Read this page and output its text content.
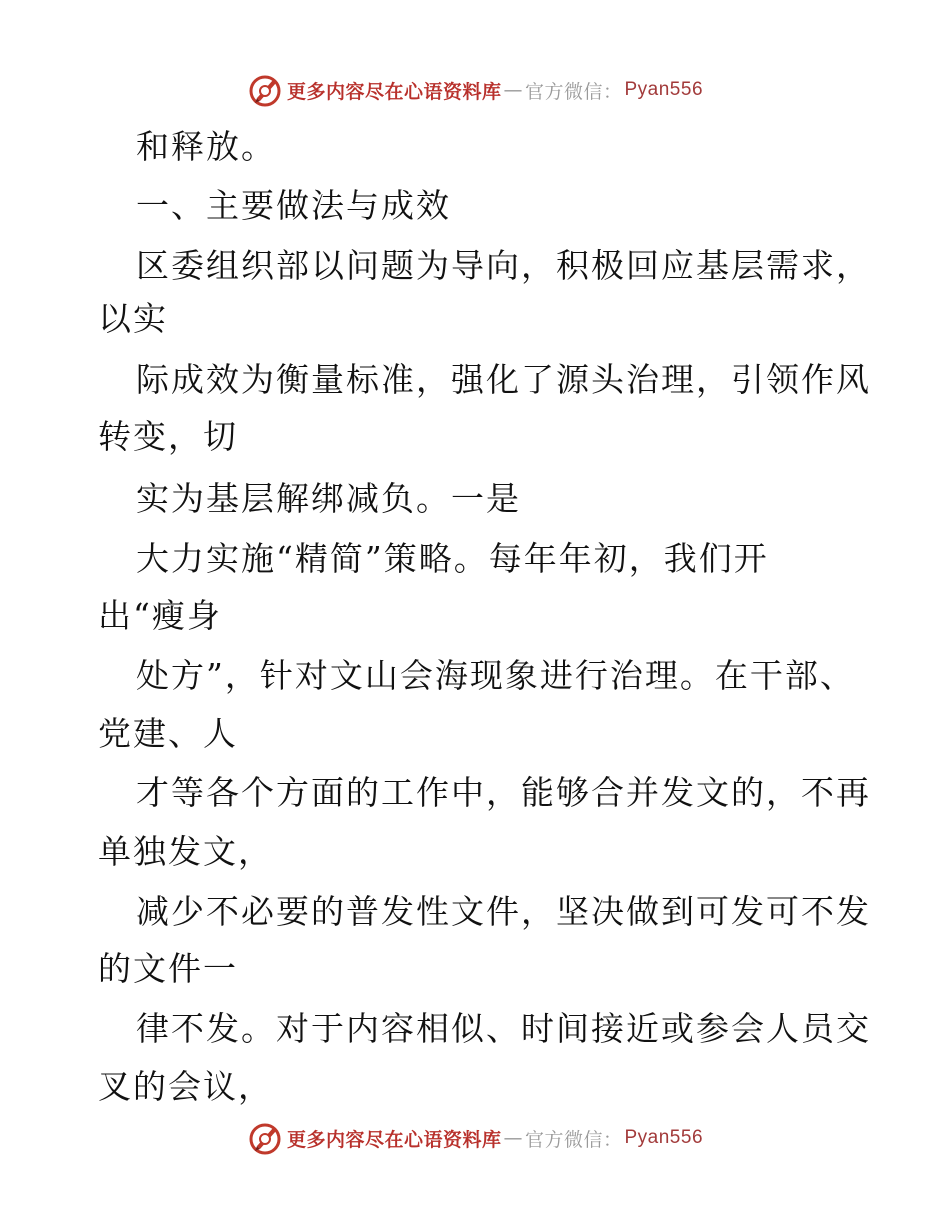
更多内容尽在心语资料库 — 官方微信： Pyan556
和释放。
一、主要做法与成效
区委组织部以问题为导向，积极回应基层需求，
以实
际成效为衡量标准，强化了源头治理，引领作风
转变，切
实为基层解绑减负。一是
大力实施“精简”策略。每年年初，我们开
出“瘦身
处方”，针对文山会海现象进行治理。在干部、
党建、人
才等各个方面的工作中，能够合并发文的，不再
单独发文，
减少不必要的普发性文件，坚决做到可发可不发
的文件一
律不发。对于内容相似、时间接近或参会人员交
叉的会议，
更多内容尽在心语资料库 — 官方微信： Pyan556
